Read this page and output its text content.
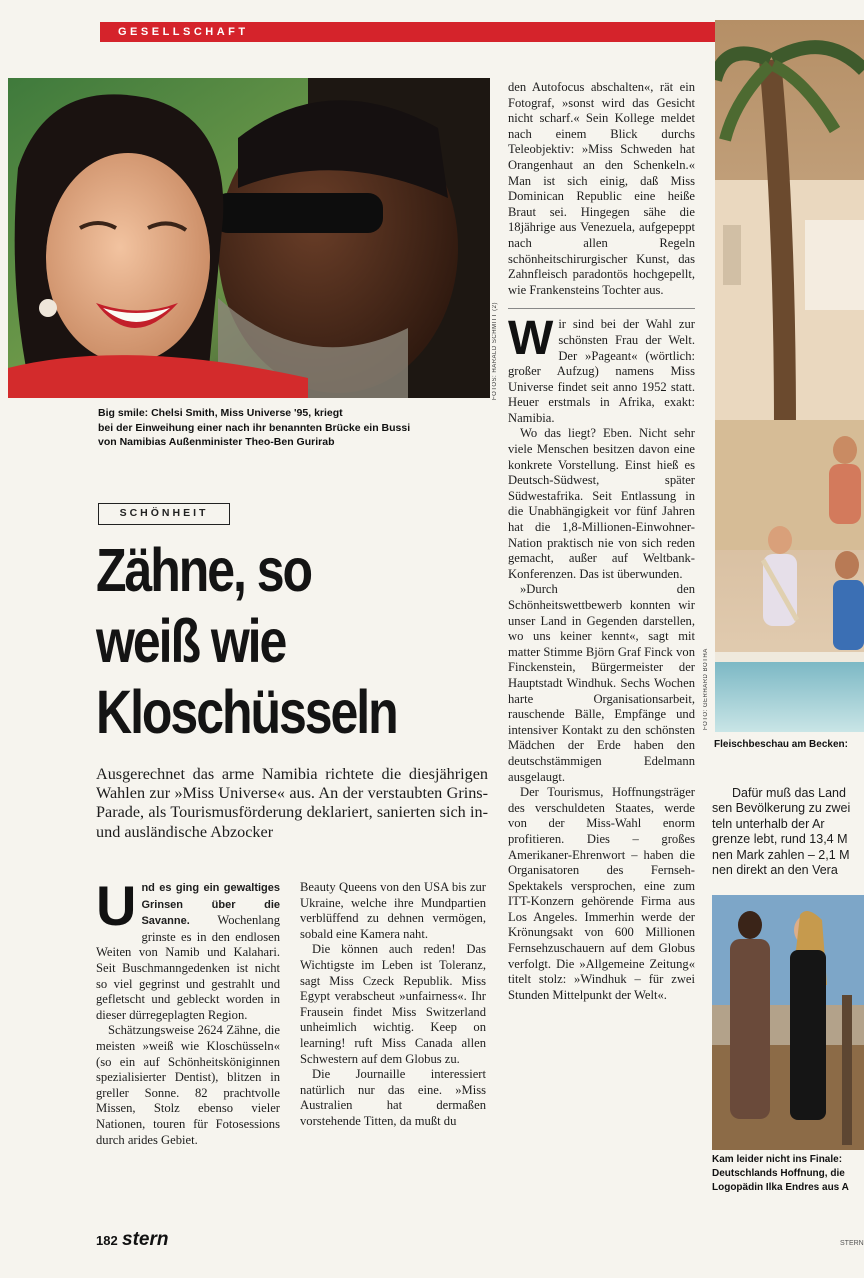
GESELLSCHAFT
FOTOS: HARALD SCHMITT (2)
Big smile: Chelsi Smith, Miss Universe '95, kriegt
bei der Einweihung einer nach ihr benannten Brücke ein Bussi
von Namibias Außenminister Theo-Ben Gurirab
SCHÖNHEIT
Zähne, so
weiß wie
Kloschüsseln
Ausgerechnet das arme Namibia richtete die diesjährigen Wahlen zur »Miss Universe« aus. An der verstaubten Grins-Parade, als Tourismusförderung deklariert, sanierten sich in- und ausländische Abzocker

U nd es ging ein gewaltiges Grinsen über die Savanne. Wochenlang grinste es in den endlosen Weiten von Namib und Kalahari. Seit Buschmanngedenken ist nicht so viel gegrinst und gestrahlt und gefletscht und gebleckt worden in dieser dürregeplagten Region.

Schätzungsweise 2624 Zähne, die meisten »weiß wie Kloschüsseln« (so ein auf Schönheitsköniginnen spezialisierter Dentist), blitzen in greller Sonne. 82 prachtvolle Missen, Stolz ebenso vieler Nationen, touren für Fotosessions durch arides Gebiet.

Beauty Queens von den USA bis zur Ukraine, welche ihre Mundpartien verblüffend zu dehnen vermögen, sobald eine Kamera naht.

Die können auch reden! Das Wichtigste im Leben ist Toleranz, sagt Miss Czeck Republik. Miss Egypt verabscheut »unfairness«. Ihr Frausein findet Miss Switzerland unheimlich wichtig. Keep on learning! ruft Miss Canada allen Schwestern auf dem Globus zu.

Die Journaille interessiert natürlich nur das eine. »Miss Australien hat dermaßen vorstehende Titten, da mußt du

den Autofocus abschalten«, rät ein Fotograf, »sonst wird das Gesicht nicht scharf.« Sein Kollege meldet nach einem Blick durchs Teleobjektiv: »Miss Schweden hat Orangenhaut an den Schenkeln.« Man ist sich einig, daß Miss Dominican Republic eine heiße Braut sei. Hingegen sähe die 18jährige aus Venezuela, aufgepeppt nach allen Regeln schönheitschirurgischer Kunst, das Zahnfleisch paradontös hochgepellt, wie Frankensteins Tochter aus.

W ir sind bei der Wahl zur schönsten Frau der Welt. Der »Pageant« (wörtlich: großer Aufzug) namens Miss Universe findet seit anno 1952 statt. Heuer erstmals in Afrika, exakt: Namibia.

Wo das liegt? Eben. Nicht sehr viele Menschen besitzen davon eine konkrete Vorstellung. Einst hieß es Deutsch-Südwest, später Südwestafrika. Seit Entlassung in die Unabhängigkeit vor fünf Jahren hat die 1,8-Millionen-Einwohner-Nation praktisch nie von sich reden gemacht, außer auf Weltbank-Konferenzen. Das ist überwunden.

»Durch den Schönheitswettbewerb konnten wir unser Land in Gegenden darstellen, wo uns keiner kennt«, sagt mit matter Stimme Björn Graf Finck von Finckenstein, Bürgermeister der Hauptstadt Windhuk. Sechs Wochen harte Organisationsarbeit, rauschende Bälle, Empfänge und intensiver Kontakt zu den schönsten Mädchen der Erde haben den deutschstämmigen Edelmann ausgelaugt.

Der Tourismus, Hoffnungsträger des verschuldeten Staates, werde von der Miss-Wahl enorm profitieren. Dies – großes Amerikaner-Ehrenwort – haben die Organisatoren des Fernseh-Spektakels versprochen, eine zum ITT-Konzern gehörende Firma aus Los Angeles. Immerhin werde der Krönungsakt von 600 Millionen Fernsehzuschauern auf dem Globus verfolgt. Die »Allgemeine Zeitung« titelt stolz: »Windhuk – für zwei Stunden Mittelpunkt der Welt«.

182 stern
FOTO: GERHARD BOTHA
Fleischbeschau am Becken:
Dafür muß das Land
sen Bevölkerung zu zwei
teln unterhalb der Ar
grenze lebt, rund 13,4 M
nen Mark zahlen – 2,1 M
nen direkt an den Vera
Kam leider nicht ins Finale:
Deutschlands Hoffnung, die
Logopädin Ilka Endres aus A
STERN
